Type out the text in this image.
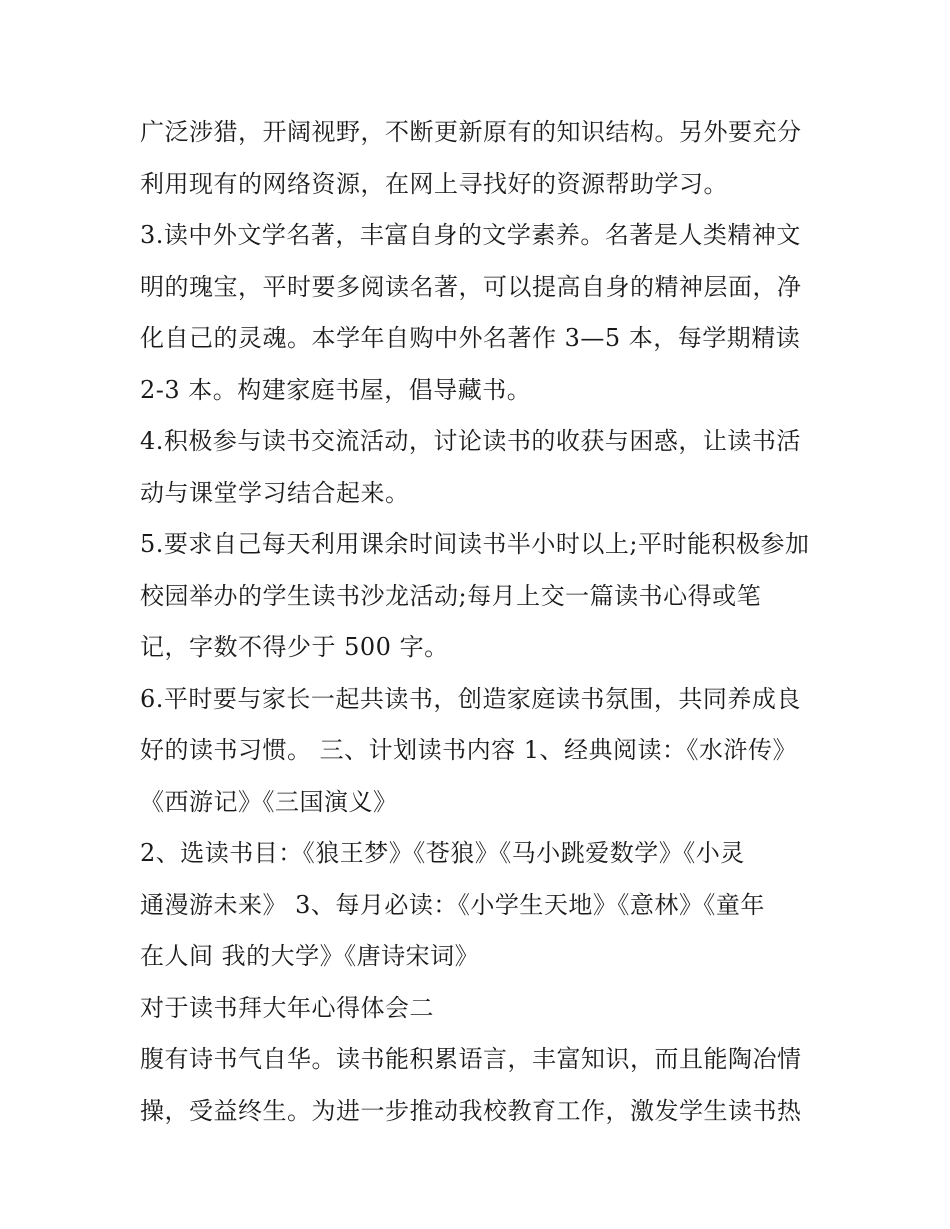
广泛涉猎，开阔视野，不断更新原有的知识结构。另外要充分
利用现有的网络资源，在网上寻找好的资源帮助学习。
3.读中外文学名著，丰富自身的文学素养。名著是人类精神文
明的瑰宝，平时要多阅读名著，可以提高自身的精神层面，净
化自己的灵魂。本学年自购中外名著作 3—5 本，每学期精读
2-3 本。构建家庭书屋，倡导藏书。
4.积极参与读书交流活动，讨论读书的收获与困惑，让读书活
动与课堂学习结合起来。
5.要求自己每天利用课余时间读书半小时以上;平时能积极参加
校园举办的学生读书沙龙活动;每月上交一篇读书心得或笔
记，字数不得少于 500 字。
6.平时要与家长一起共读书，创造家庭读书氛围，共同养成良
好的读书习惯。 三、计划读书内容 1、经典阅读：《水浒传》
《西游记》《三国演义》
2、选读书目：《狼王梦》《苍狼》《马小跳爱数学》《小灵
通漫游未来》 3、每月必读：《小学生天地》《意林》《童年
在人间 我的大学》《唐诗宋词》
对于读书拜大年心得体会二
腹有诗书气自华。读书能积累语言，丰富知识，而且能陶冶情
操，受益终生。为进一步推动我校教育工作，激发学生读书热
